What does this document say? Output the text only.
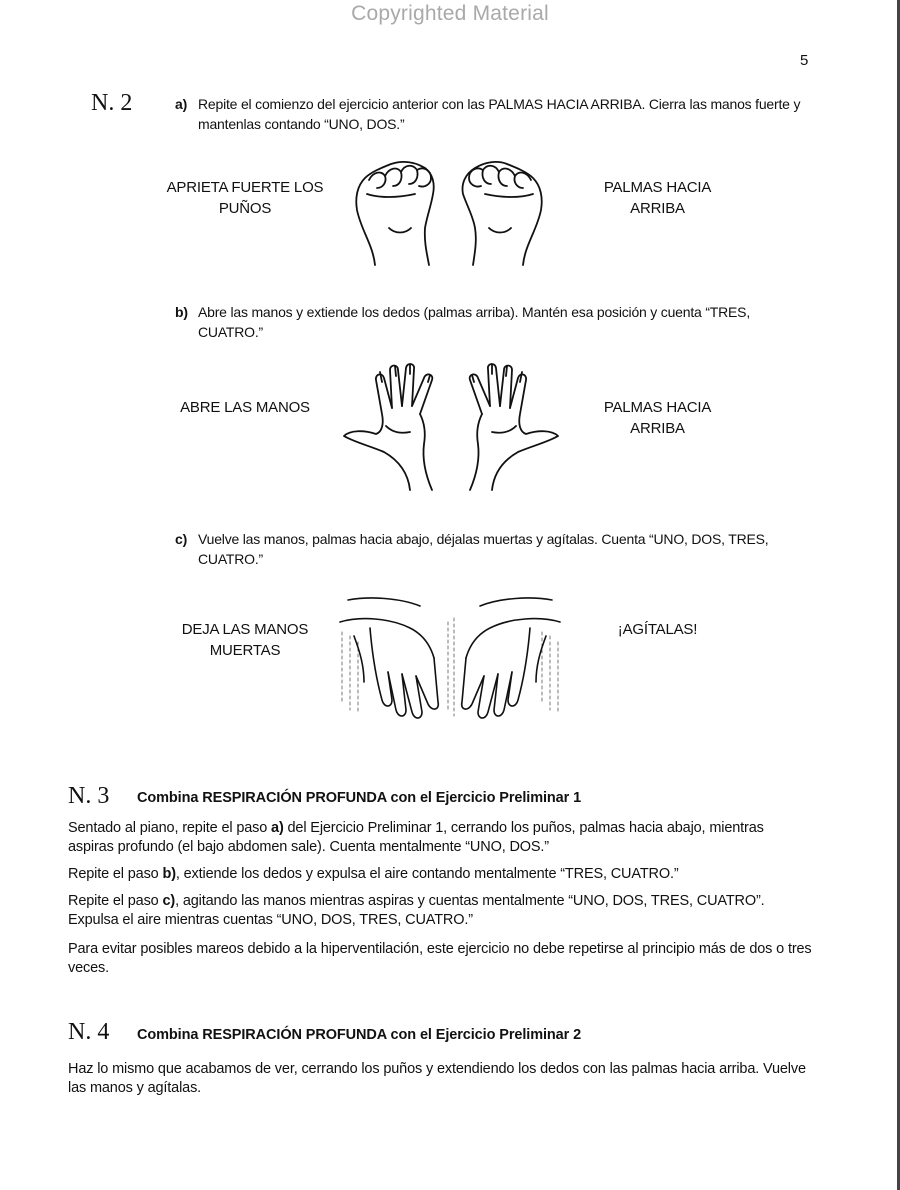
Copyrighted Material
5
N. 2	a) Repite el comienzo del ejercicio anterior con las PALMAS HACIA ARRIBA. Cierra las manos fuerte y mantenlas contando “UNO, DOS.”
APRIETA FUERTE LOS PUÑOS
PALMAS HACIA ARRIBA
b) Abre las manos y extiende los dedos (palmas arriba). Mantén esa posición y cuenta “TRES, CUATRO.”
ABRE LAS MANOS	PALMAS HACIA ARRIBA
c) Vuelve las manos, palmas hacia abajo, déjalas muertas y agítalas. Cuenta “UNO, DOS, TRES, CUATRO.”
DEJA LAS MANOS MUERTAS
¡AGÍTALAS!
N. 3 Combina RESPIRACIÓN PROFUNDA con el Ejercicio Preliminar 1

Sentado al piano, repite el paso a) del Ejercicio Preliminar 1, cerrando los puños, palmas hacia abajo, mientras aspiras profundo (el bajo abdomen sale). Cuenta mentalmente “UNO, DOS.”

Repite el paso b), extiende los dedos y expulsa el aire contando mentalmente “TRES, CUATRO.”

Repite el paso c), agitando las manos mientras aspiras y cuentas mentalmente “UNO, DOS, TRES, CUATRO”. Expulsa el aire mientras cuentas “UNO, DOS, TRES, CUATRO.”

Para evitar posibles mareos debido a la hiperventilación, este ejercicio no debe repetirse al principio más de dos o tres veces.

N. 4 Combina RESPIRACIÓN PROFUNDA con el Ejercicio Preliminar 2

Haz lo mismo que acabamos de ver, cerrando los puños y extendiendo los dedos con las palmas hacia arriba. Vuelve las manos y agítalas.
